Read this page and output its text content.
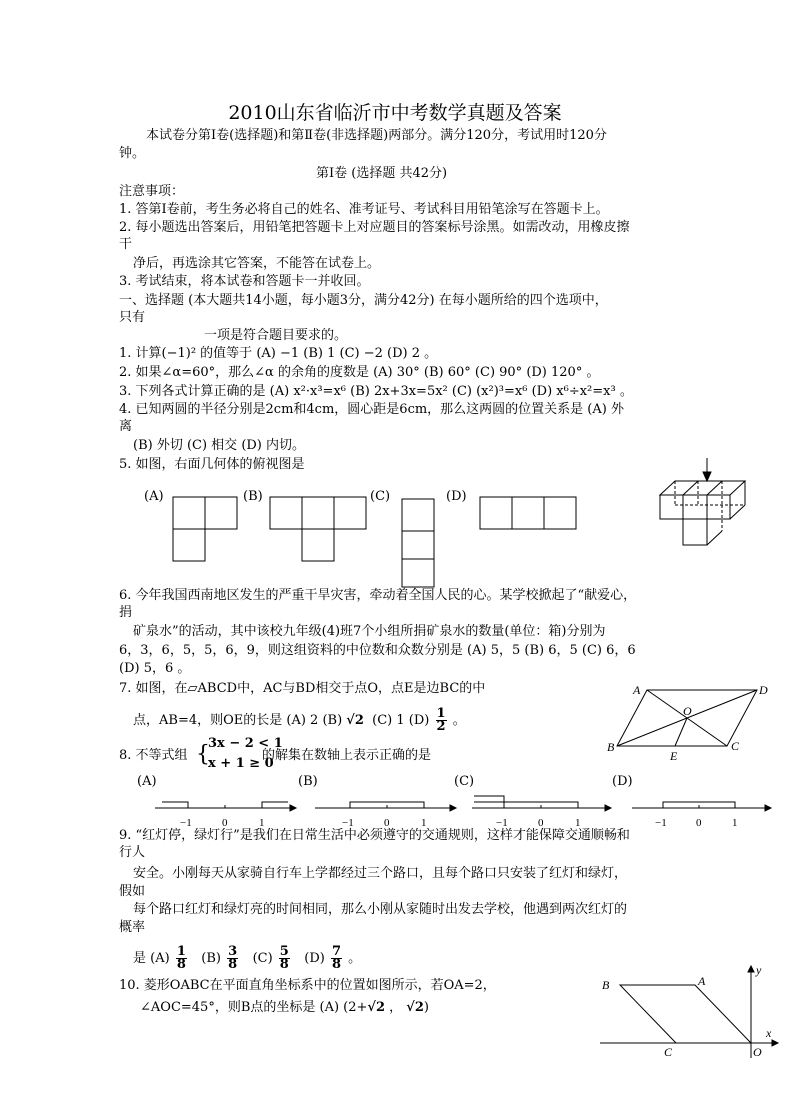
2010山东省临沂市中考数学真题及答案
本试卷分第Ⅰ卷(选择题)和第Ⅱ卷(非选择题)两部分。满分120分，考试用时120分
钟。
第Ⅰ卷 (选择题 共42分)
注意事项：
1. 答第Ⅰ卷前，考生务必将自己的姓名、准考证号、考试科目用铅笔涂写在答题卡上。
2. 每小题选出答案后，用铅笔把答题卡上对应题目的答案标号涂黑。如需改动，用橡皮擦
干
净后，再选涂其它答案，不能答在试卷上。
3. 考试结束，将本试卷和答题卡一并收回。
一、选择题 (本大题共14小题，每小题3分，满分42分) 在每小题所给的四个选项中，
只有
一项是符合题目要求的。
1. 计算(−1)² 的值等于 (A) −1 (B) 1 (C) −2 (D) 2 。
2. 如果∠α=60°，那么∠α 的余角的度数是 (A) 30° (B) 60° (C) 90° (D) 120° 。
3. 下列各式计算正确的是 (A) x²·x³=x⁶ (B) 2x+3x=5x² (C) (x²)³=x⁶ (D) x⁶÷x²=x³ 。
4. 已知两圆的半径分别是2cm和4cm，圆心距是6cm，那么这两圆的位置关系是 (A) 外
离
(B) 外切 (C) 相交 (D) 内切。
5. 如图，右面几何体的俯视图是
(A)	(B)	(C)	(D)
6. 今年我国西南地区发生的严重干旱灾害，牵动着全国人民的心。某学校掀起了“献爱心，
捐
矿泉水”的活动，其中该校九年级(4)班7个小组所捐矿泉水的数量(单位：箱)分别为
6，3，6，5，5，6，9，则这组资料的中位数和众数分别是 (A) 5，5 (B) 6，5 (C) 6，6
(D) 5，6 。
7. 如图，在▱ABCD中，AC与BD相交于点O，点E是边BC的中
点，AB=4，则OE的长是 (A) 2 (B) √2 (C) 1 $(D) \frac{1}{2}$ 。
A	D
O
B
E
C
8. 不等式组 {
3x − 2 < 1
x + 1 ≥ 0
的解集在数轴上表示正确的是
(A)	(B)	(C)	(D)
−1	0	1	−1	0	1	−1	0	1	−1	0	1
9. “红灯停，绿灯行”是我们在日常生活中必须遵守的交通规则，这样才能保障交通顺畅和
行人
安全。小刚每天从家骑自行车上学都经过三个路口，且每个路口只安装了红灯和绿灯，
假如
每个路口红灯和绿灯亮的时间相同，那么小刚从家随时出发去学校，他遇到两次红灯的
概率
是 $(A) \frac{1}{8} (B) \frac{3}{8} (C) \frac{5}{8} (D) \frac{7}{8}$ 。
10. 菱形OABC在平面直角坐标系中的位置如图所示，若OA=2，
∠AOC=45°，则B点的坐标是 (A) (2+√2 ， √2)
B	A
y
x
C	O
